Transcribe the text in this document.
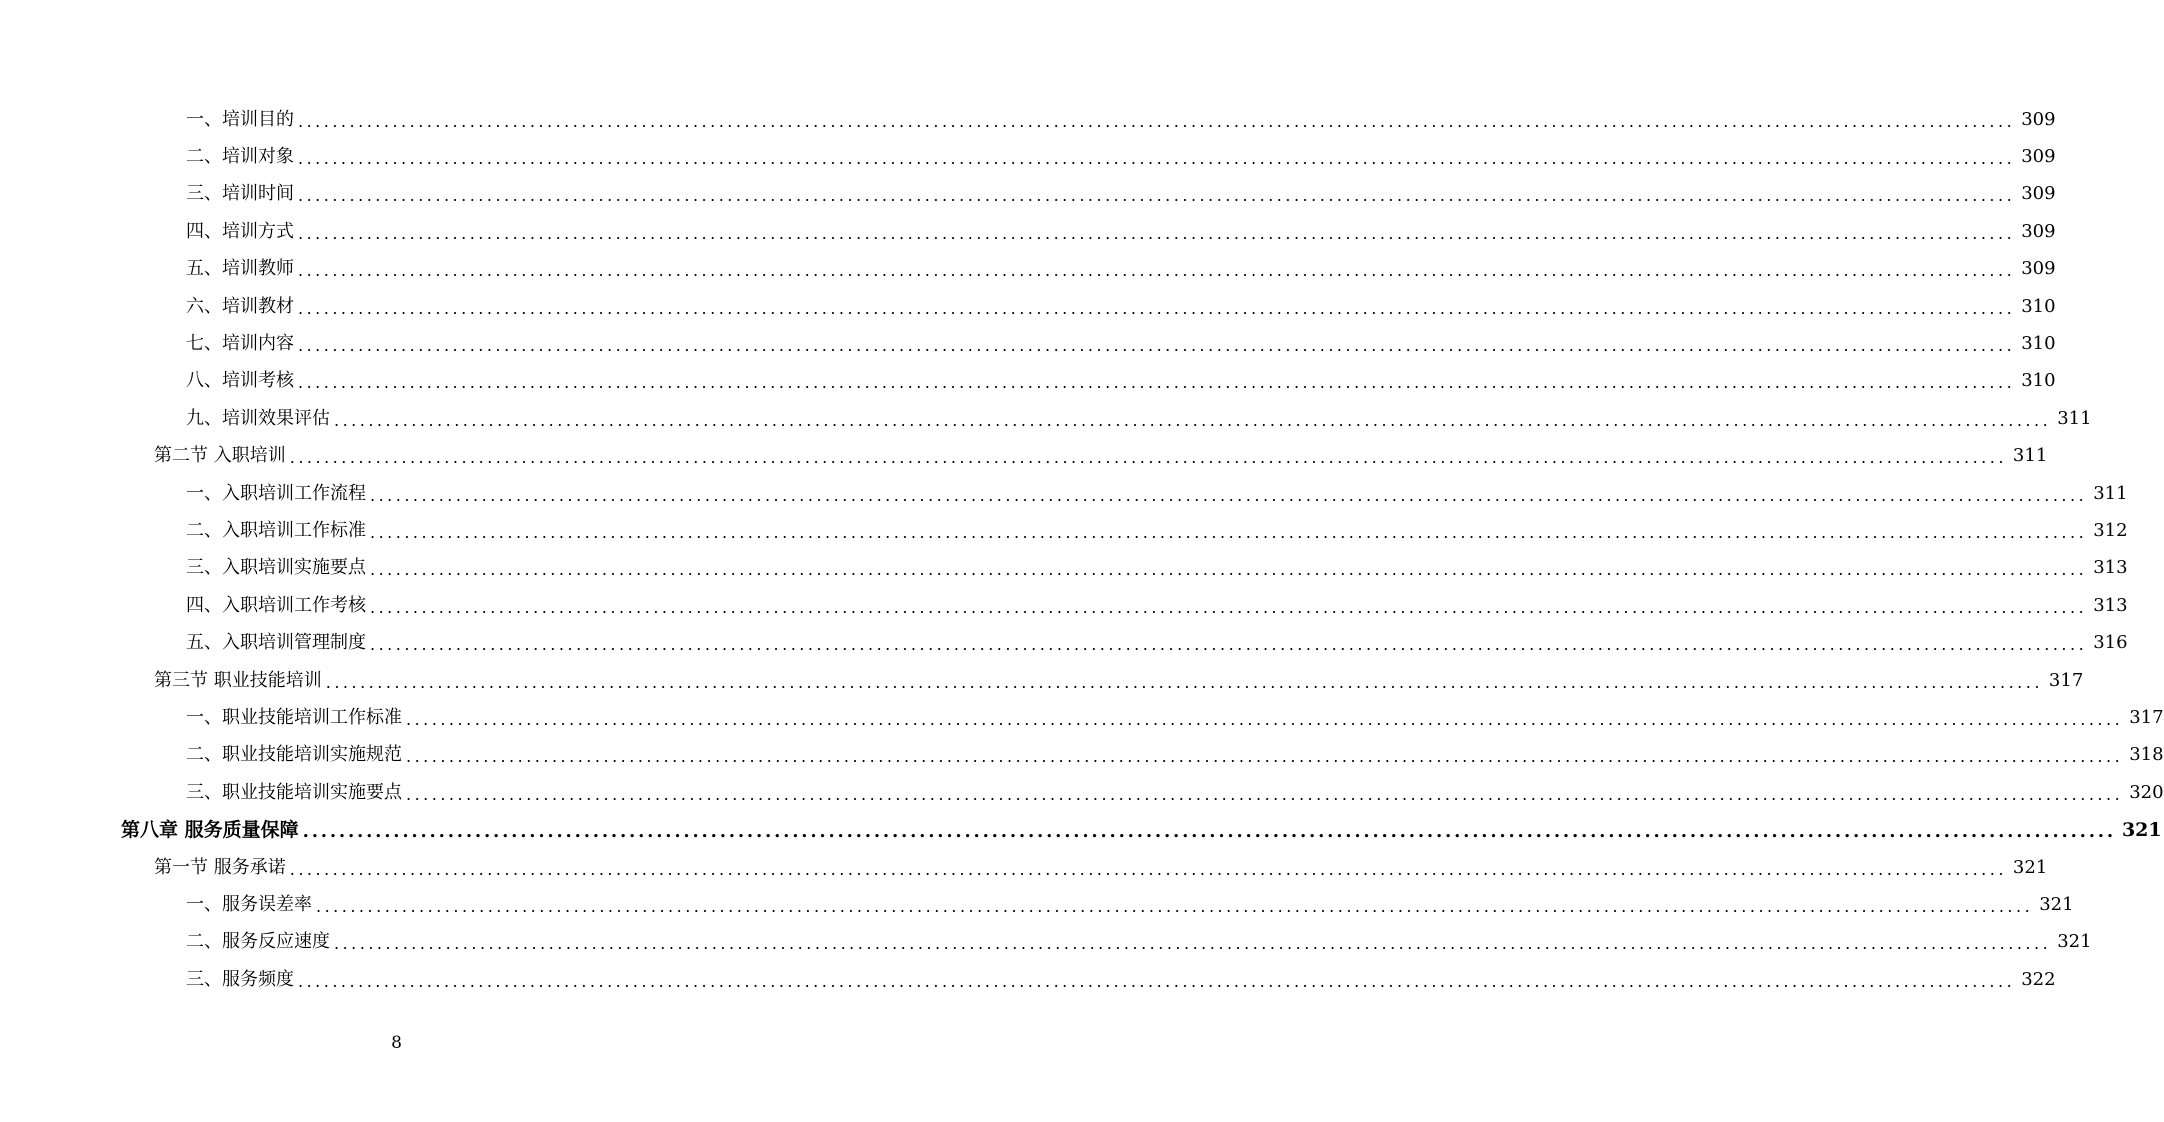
一、培训目的 ........................................................................................................................................................................................................ 309
二、培训对象 ........................................................................................................................................................................................................ 309
三、培训时间 ........................................................................................................................................................................................................ 309
四、培训方式 ........................................................................................................................................................................................................ 309
五、培训教师 ........................................................................................................................................................................................................ 309
六、培训教材 ........................................................................................................................................................................................................ 310
七、培训内容 ........................................................................................................................................................................................................ 310
八、培训考核 ........................................................................................................................................................................................................ 310
九、培训效果评估 ........................................................................................................................................................................................................ 311
第二节 入职培训 ........................................................................................................................................................................................................ 311
一、入职培训工作流程 ........................................................................................................................................................................................................ 311
二、入职培训工作标准 ........................................................................................................................................................................................................ 312
三、入职培训实施要点 ........................................................................................................................................................................................................ 313
四、入职培训工作考核 ........................................................................................................................................................................................................ 313
五、入职培训管理制度 ........................................................................................................................................................................................................ 316
第三节 职业技能培训 ........................................................................................................................................................................................................ 317
一、职业技能培训工作标准 ........................................................................................................................................................................................................ 317
二、职业技能培训实施规范 ........................................................................................................................................................................................................ 318
三、职业技能培训实施要点 ........................................................................................................................................................................................................ 320
第八章 服务质量保障 ........................................................................................................................................................................................................ 321
第一节 服务承诺 ........................................................................................................................................................................................................ 321
一、服务误差率 ........................................................................................................................................................................................................ 321
二、服务反应速度 ........................................................................................................................................................................................................ 321
三、服务频度 ........................................................................................................................................................................................................ 322
8
